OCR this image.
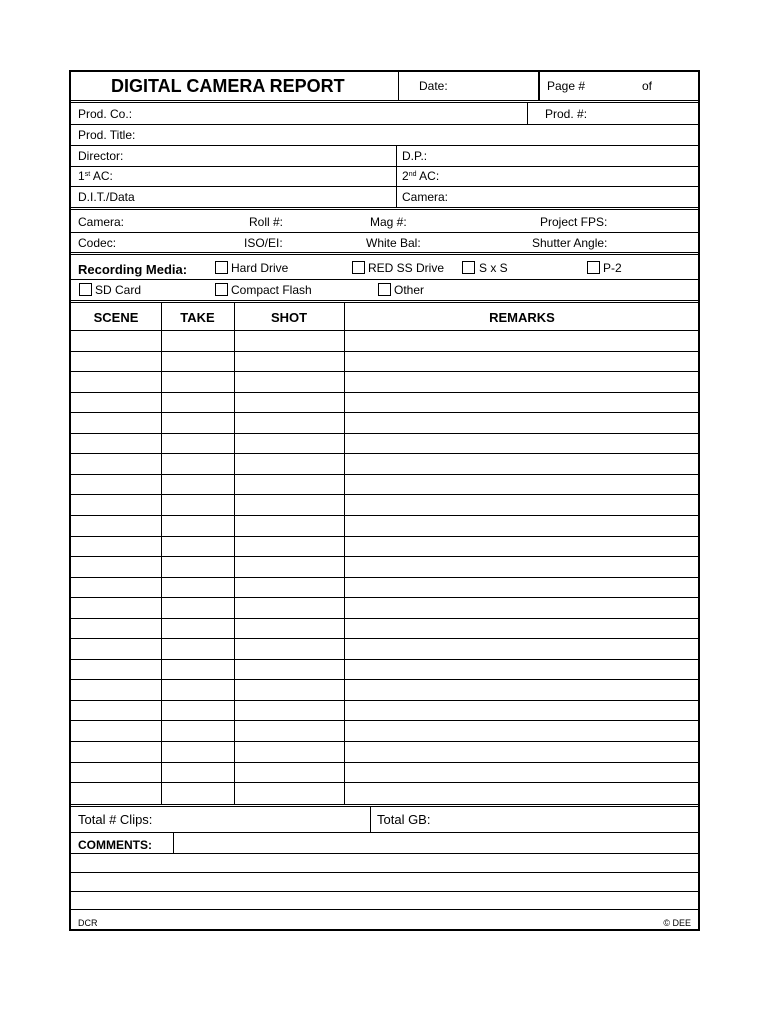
DIGITAL CAMERA REPORT	Date:	Page #	of
Prod. Co.:	Prod. #:
Prod. Title:
Director:	D.P.:
1st AC:	2nd AC:
D.I.T./Data	Camera:
Camera:	Roll #:	Mag #:	Project FPS:
Codec:	ISO/EI:	White Bal:	Shutter Angle:
Recording Media:	Hard Drive	RED SS Drive	S x S	P-2
SD Card	Compact Flash	Other
SCENE	TAKE	SHOT	REMARKS
Total # Clips:	Total GB:
COMMENTS:
DCR	© DEE
